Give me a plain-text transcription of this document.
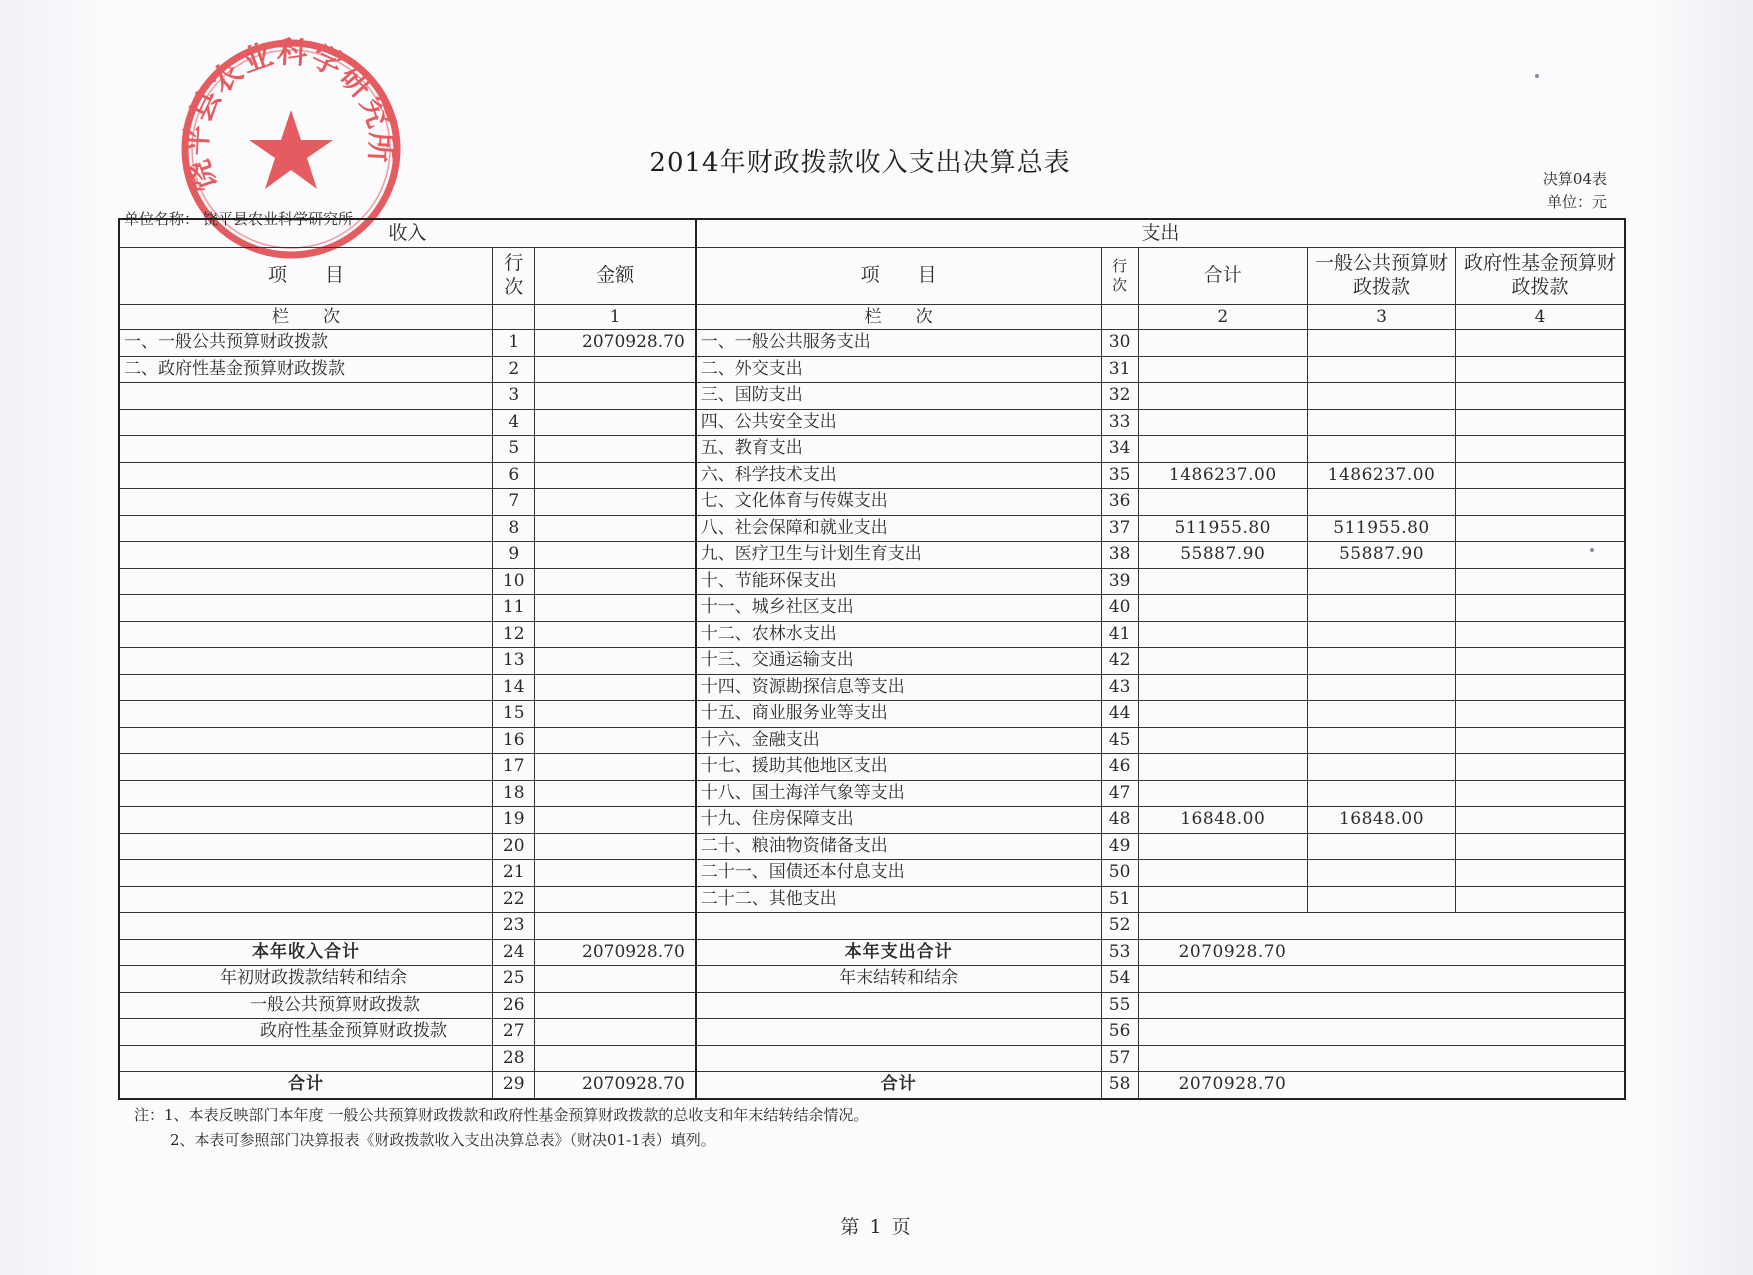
饶平县农业科学研究所	2014年财政拨款收入支出决算总表
决算04表
单位：元
单位名称： 饶平县农业科学研究所
收入			支出				
项　　目	行次	金额	项　　目	行次	合计	一般公共预算财政拨款	政府性基金预算财政拨款
栏　　次		1	栏　　次		2	3	4
一、一般公共预算财政拨款	1	2070928.70	一、一般公共服务支出	30			
二、政府性基金预算财政拨款	2		二、外交支出	31			
	3		三、国防支出	32			
	4		四、公共安全支出	33			
	5		五、教育支出	34			
	6		六、科学技术支出	35	1486237.00	1486237.00	
	7		七、文化体育与传媒支出	36			
	8		八、社会保障和就业支出	37	511955.80	511955.80	
	9		九、医疗卫生与计划生育支出	38	55887.90	55887.90	
	10		十、节能环保支出	39			
	11		十一、城乡社区支出	40			
	12		十二、农林水支出	41			
	13		十三、交通运输支出	42			
	14		十四、资源勘探信息等支出	43			
	15		十五、商业服务业等支出	44			
	16		十六、金融支出	45			
	17		十七、援助其他地区支出	46			
	18		十八、国土海洋气象等支出	47			
	19		十九、住房保障支出	48	16848.00	16848.00	
	20		二十、粮油物资储备支出	49			
	21		二十一、国债还本付息支出	50			
	22		二十二、其他支出	51			
	23			52			
本年收入合计	24	2070928.70	本年支出合计	53	2070928.70		
年初财政拨款结转和结余	25		年末结转和结余	54			
一般公共预算财政拨款	26			55			
政府性基金预算财政拨款	27			56			
	28			57			
合计	29	2070928.70	合计	58	2070928.70		
注：1、本表反映部门本年度 一般公共预算财政拨款和政府性基金预算财政拨款的总收支和年末结转结余情况。
2、本表可参照部门决算报表《财政拨款收入支出决算总表》（财决01-1表）填列。
第 1 页
